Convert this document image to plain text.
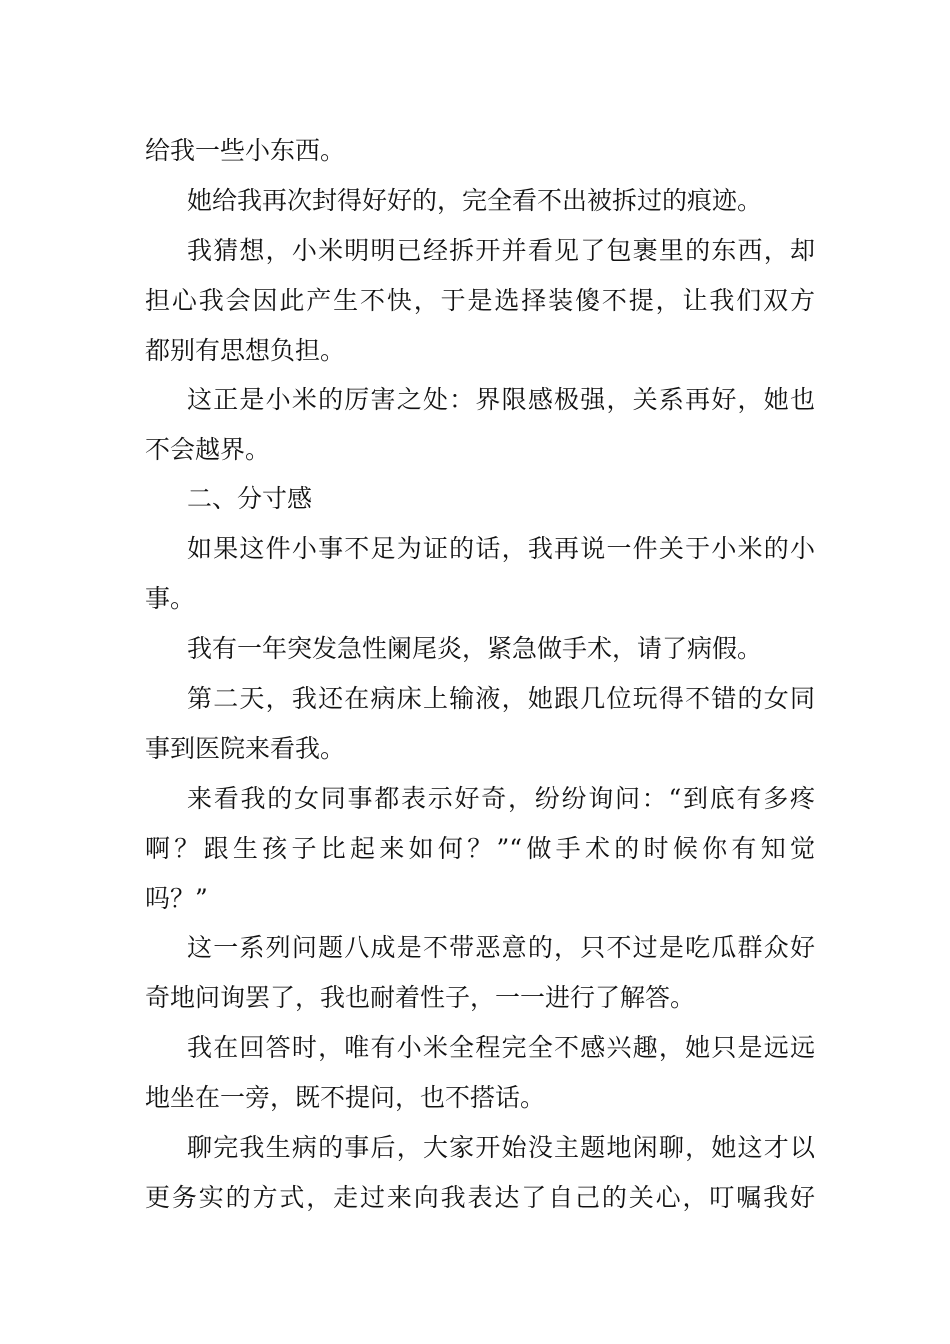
给我一些小东西。
她给我再次封得好好的，完全看不出被拆过的痕迹。
我猜想，小米明明已经拆开并看见了包裹里的东西，却
担心我会因此产生不快，于是选择装傻不提，让我们双方
都别有思想负担。
这正是小米的厉害之处：界限感极强，关系再好，她也
不会越界。
二、分寸感
如果这件小事不足为证的话，我再说一件关于小米的小
事。
我有一年突发急性阑尾炎，紧急做手术，请了病假。
第二天，我还在病床上输液，她跟几位玩得不错的女同
事到医院来看我。
来看我的女同事都表示好奇，纷纷询问：“到底有多疼
啊？跟生孩子比起来如何？”“做手术的时候你有知觉
吗？”
这一系列问题八成是不带恶意的，只不过是吃瓜群众好
奇地问询罢了，我也耐着性子，一一进行了解答。
我在回答时，唯有小米全程完全不感兴趣，她只是远远
地坐在一旁，既不提问，也不搭话。
聊完我生病的事后，大家开始没主题地闲聊，她这才以
更务实的方式，走过来向我表达了自己的关心，叮嘱我好
